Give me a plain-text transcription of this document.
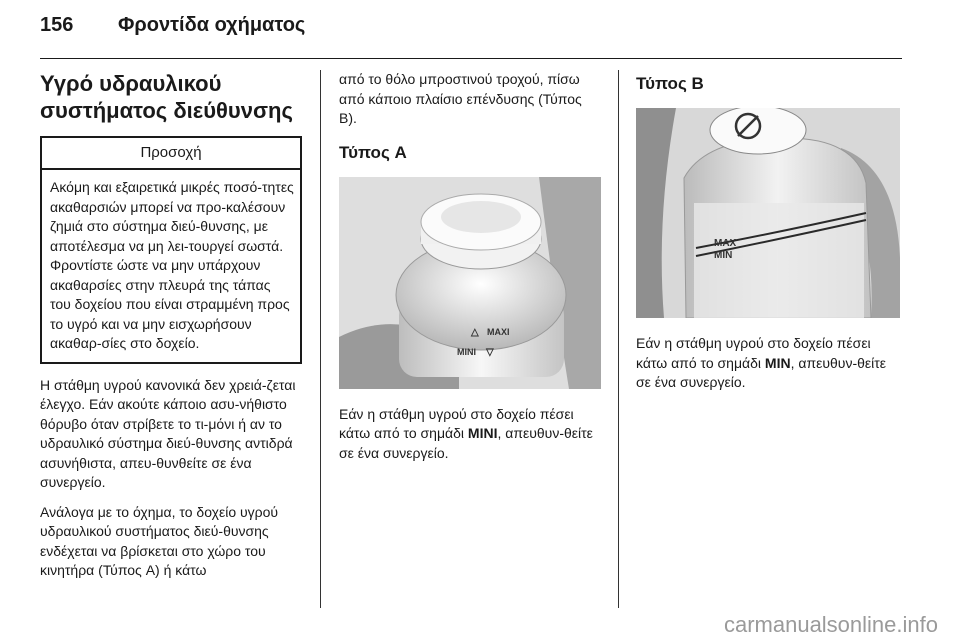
156 Φροντίδα οχήματος
Υγρό υδραυλικού
συστήματος διεύθυνσης
Προσοχή
Ακόμη και εξαιρετικά μικρές ποσό-τητες ακαθαρσιών μπορεί να προ-καλέσουν ζημιά στο σύστημα διεύ-θυνσης, με αποτέλεσμα να μη λει-τουργεί σωστά. Φροντίστε ώστε να μην υπάρχουν ακαθαρσίες στην πλευρά της τάπας του δοχείου που είναι στραμμένη προς το υγρό και να μην εισχωρήσουν ακαθαρ-σίες στο δοχείο.

Η στάθμη υγρού κανονικά δεν χρειά-ζεται έλεγχο. Εάν ακούτε κάποιο ασυ-νήθιστο θόρυβο όταν στρίβετε το τι-μόνι ή αν το υδραυλικό σύστημα διεύ-θυνσης αντιδρά ασυνήθιστα, απευ-θυνθείτε σε ένα συνεργείο.

Ανάλογα με το όχημα, το δοχείο υγρού υδραυλικού συστήματος διεύ-θυνσης ενδέχεται να βρίσκεται στο χώρο του κινητήρα (Τύπος A) ή κάτω

από το θόλο μπροστινού τροχού, πίσω από κάποιο πλαίσιο επένδυσης (Τύπος B).

Τύπος A
△ MAXI
MINI ▽

Εάν η στάθμη υγρού στο δοχείο πέσει κάτω από το σημάδι MINI, απευθυν-θείτε σε ένα συνεργείο.

Τύπος B
MAX
MIN

Εάν η στάθμη υγρού στο δοχείο πέσει κάτω από το σημάδι MIN, απευθυν-θείτε σε ένα συνεργείο.

carmanualsonline.info
